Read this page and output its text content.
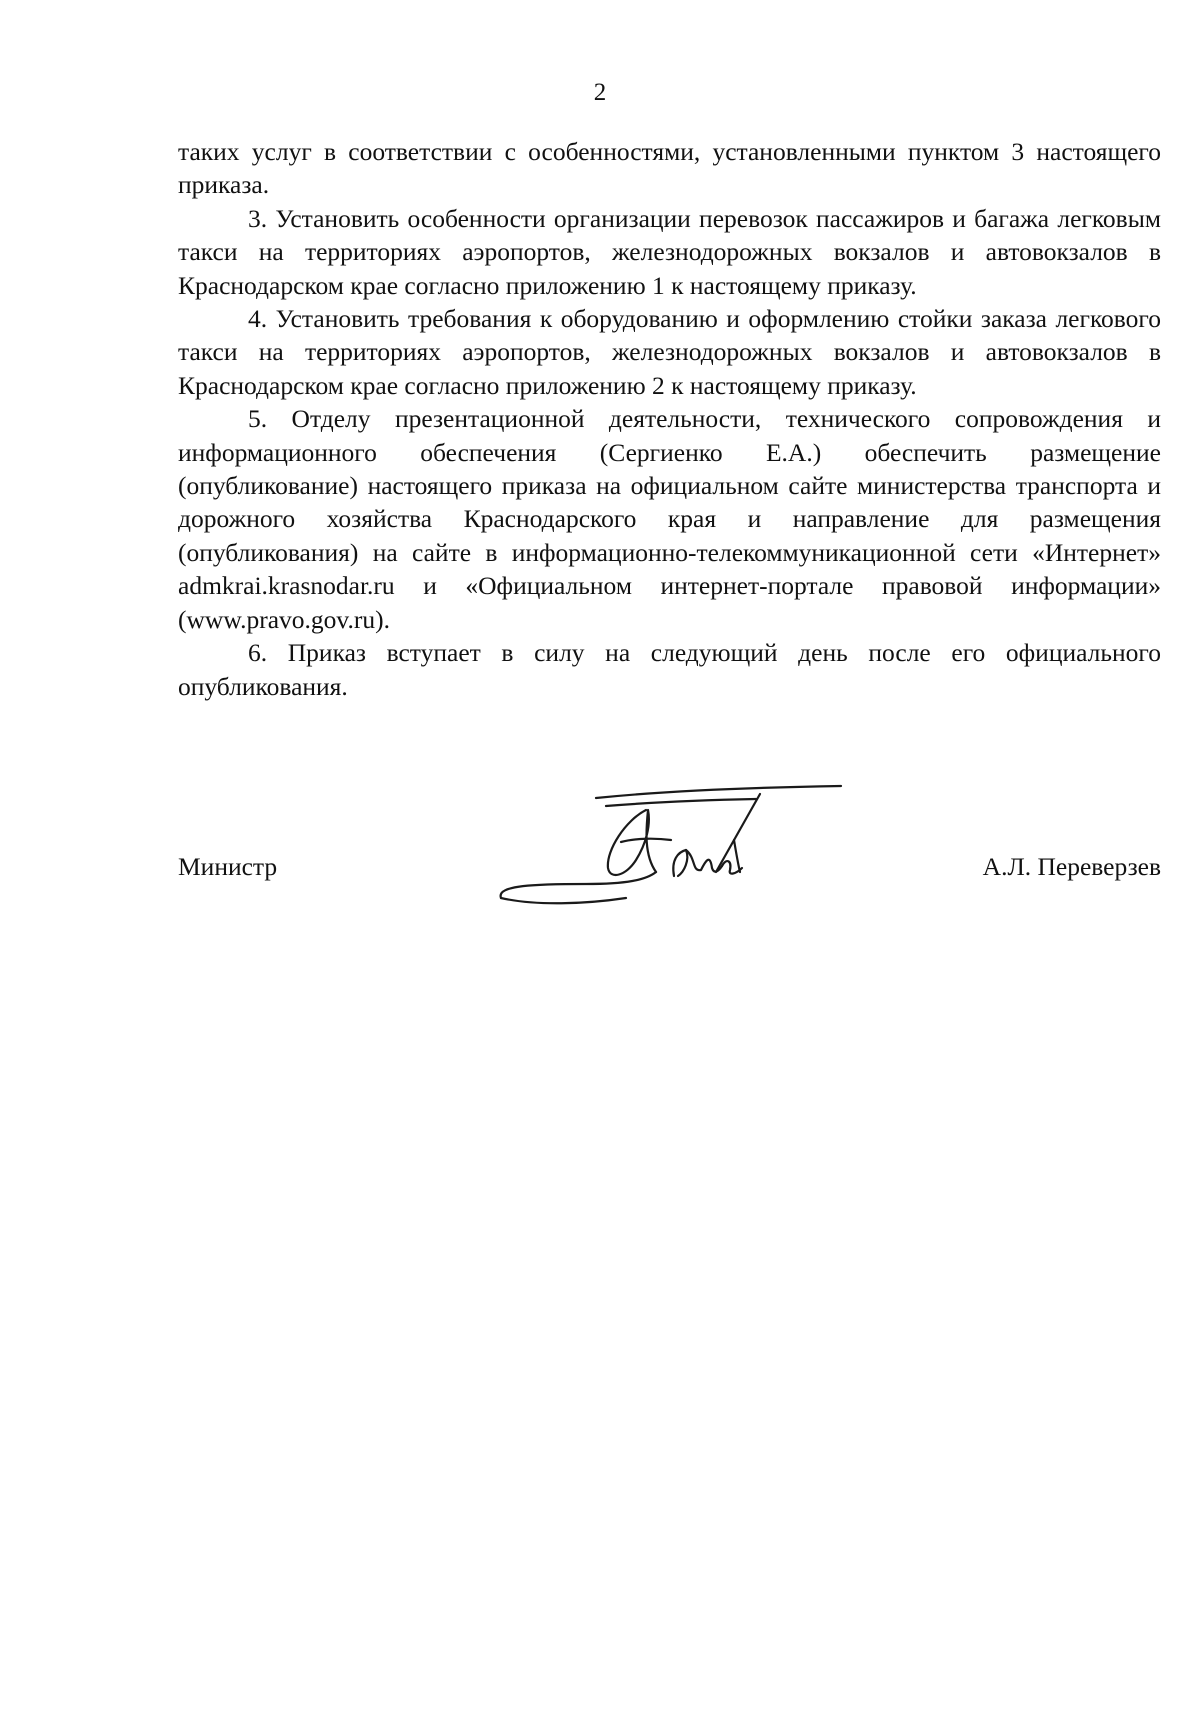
2

таких услуг в соответствии с особенностями, установленными пунктом 3 настоящего приказа.

3. Установить особенности организации перевозок пассажиров и багажа легковым такси на территориях аэропортов, железнодорожных вокзалов и автовокзалов в Краснодарском крае согласно приложению 1 к настоящему приказу.

4. Установить требования к оборудованию и оформлению стойки заказа легкового такси на территориях аэропортов, железнодорожных вокзалов и автовокзалов в Краснодарском крае согласно приложению 2 к настоящему приказу.

5. Отделу презентационной деятельности, технического сопровождения и информационного обеспечения (Сергиенко Е.А.) обеспечить размещение (опубликование) настоящего приказа на официальном сайте министерства транспорта и дорожного хозяйства Краснодарского края и направление для размещения (опубликования) на сайте в информационно-телекоммуникационной сети «Интернет» admkrai.krasnodar.ru и «Официальном интернет-портале правовой информации» (www.pravo.gov.ru).

6. Приказ вступает в силу на следующий день после его официального опубликования.

Министр	А.Л. Переверзев
